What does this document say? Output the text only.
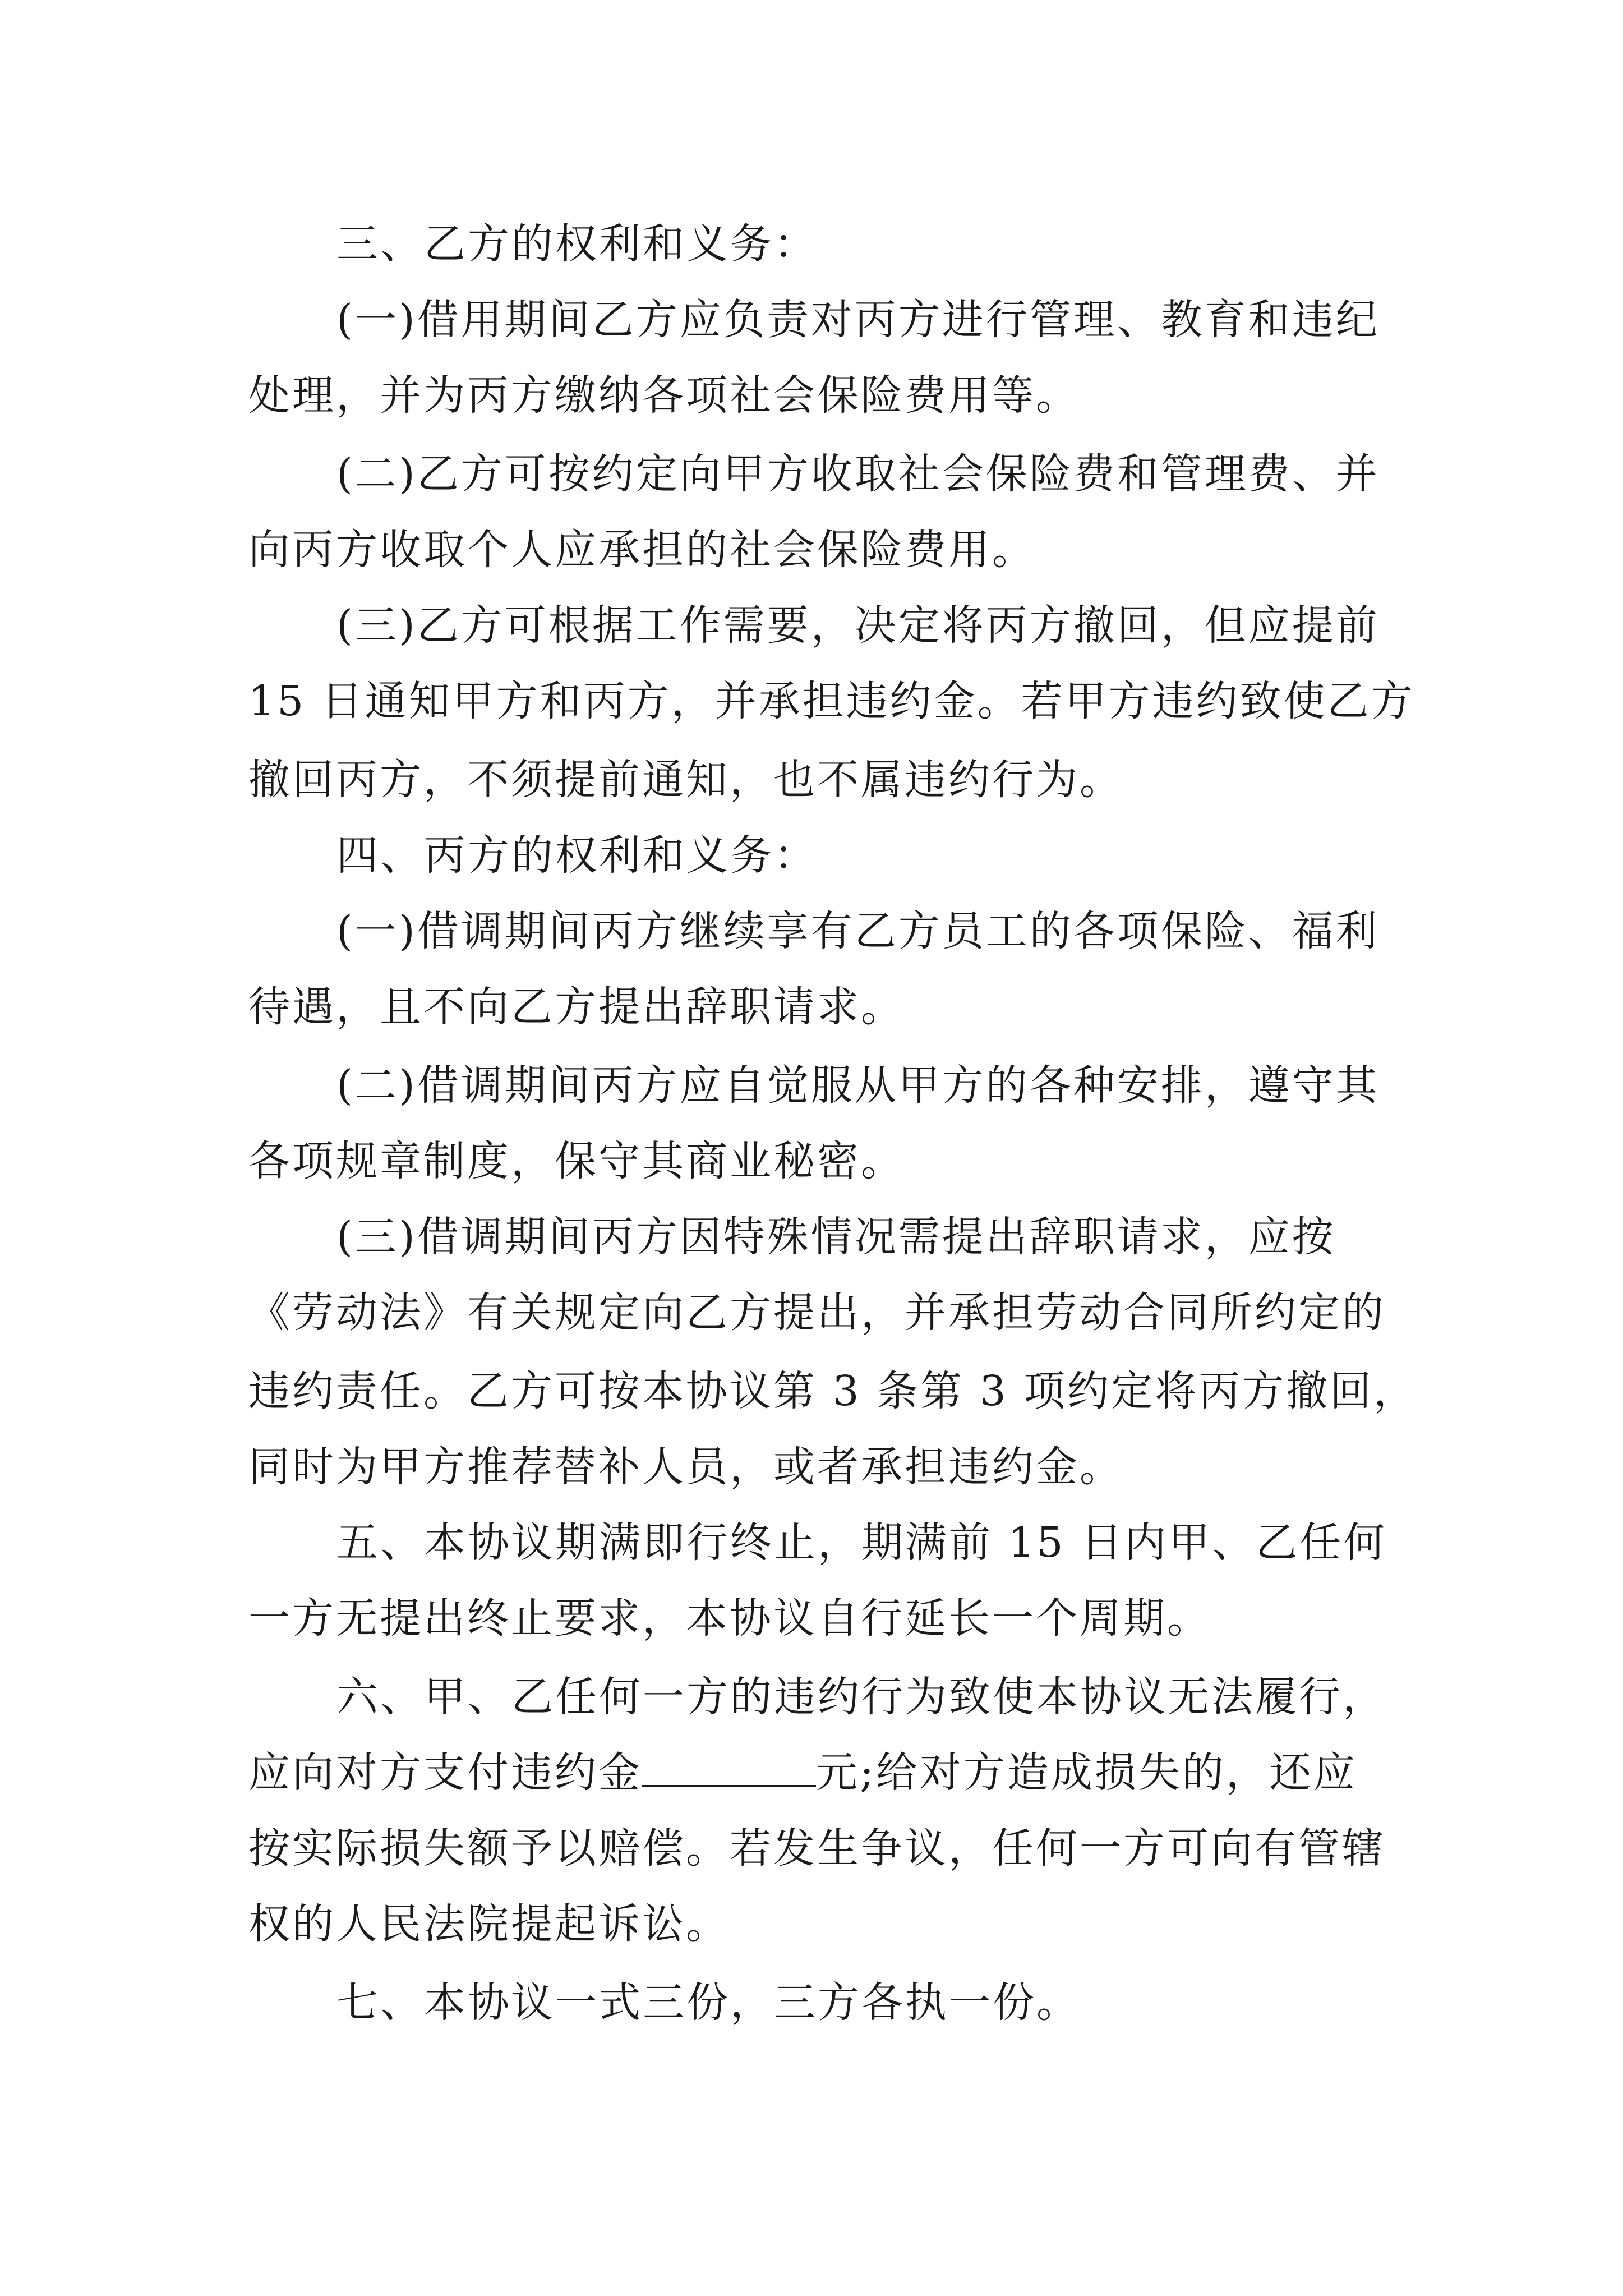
三、乙方的权利和义务：
(一)借用期间乙方应负责对丙方进行管理、教育和违纪
处理，并为丙方缴纳各项社会保险费用等。
(二)乙方可按约定向甲方收取社会保险费和管理费、并
向丙方收取个人应承担的社会保险费用。
(三)乙方可根据工作需要，决定将丙方撤回，但应提前
15 日通知甲方和丙方，并承担违约金。若甲方违约致使乙方
撤回丙方，不须提前通知，也不属违约行为。
四、丙方的权利和义务：
(一)借调期间丙方继续享有乙方员工的各项保险、福利
待遇，且不向乙方提出辞职请求。
(二)借调期间丙方应自觉服从甲方的各种安排，遵守其
各项规章制度，保守其商业秘密。
(三)借调期间丙方因特殊情况需提出辞职请求，应按
《劳动法》有关规定向乙方提出，并承担劳动合同所约定的
违约责任。乙方可按本协议第 3 条第 3 项约定将丙方撤回，
同时为甲方推荐替补人员，或者承担违约金。
五、本协议期满即行终止，期满前 15 日内甲、乙任何
一方无提出终止要求，本协议自行延长一个周期。
六、甲、乙任何一方的违约行为致使本协议无法履行，
应向对方支付违约金	元;给对方造成损失的，还应
按实际损失额予以赔偿。若发生争议，任何一方可向有管辖
权的人民法院提起诉讼。
七、本协议一式三份，三方各执一份。
